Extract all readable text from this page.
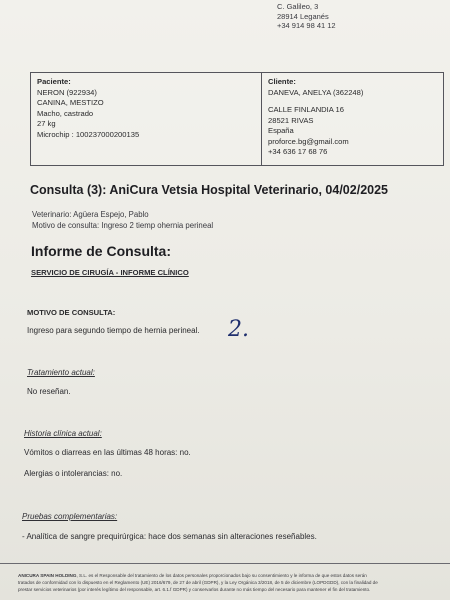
C. Galileo, 3
28914 Leganés
+34 914 98 41 12
Paciente:
NERON (922934)
CANINA, MESTIZO
Macho, castrado
27 kg
Microchip : 100237000200135
Cliente:
DANEVA, ANELYA (362248)
CALLE FINLANDIA 16
28521 RIVAS
España
proforce.bg@gmail.com
+34 636 17 68 76
Consulta (3): AniCura Vetsia Hospital Veterinario, 04/02/2025
Veterinario: Agüera Espejo, Pablo
Motivo de consulta: Ingreso 2 tiemp ohernia perineal
Informe de Consulta:
SERVICIO DE CIRUGÍA - INFORME CLÍNICO
MOTIVO DE CONSULTA:
Ingreso para segundo tiempo de hernia perineal. 2.
Tratamiento actual:
No reseñan.
Historia clínica actual:
Vómitos o diarreas en las últimas 48 horas: no.
Alergias o intolerancias: no.
Pruebas complementarias:
- Analítica de sangre prequirúrgica: hace dos semanas sin alteraciones reseñables.
ANICURA SPAIN HOLDING, S.L. es el Responsable del tratamiento de los datos personales proporcionados bajo su consentimiento y le informa de que estos datos serán
tratados de conformidad con lo dispuesto en el Reglamento (UE) 2016/679, de 27 de abril (GDPR), y la Ley Orgánica 3/2018, de 5 de diciembre (LOPDGDD), con la finalidad de
prestar servicios veterinarios (por interés legítimo del responsable, art. 6.1.f GDPR) y conservarlos durante no más tiempo del necesario para mantener el fin del tratamiento.
